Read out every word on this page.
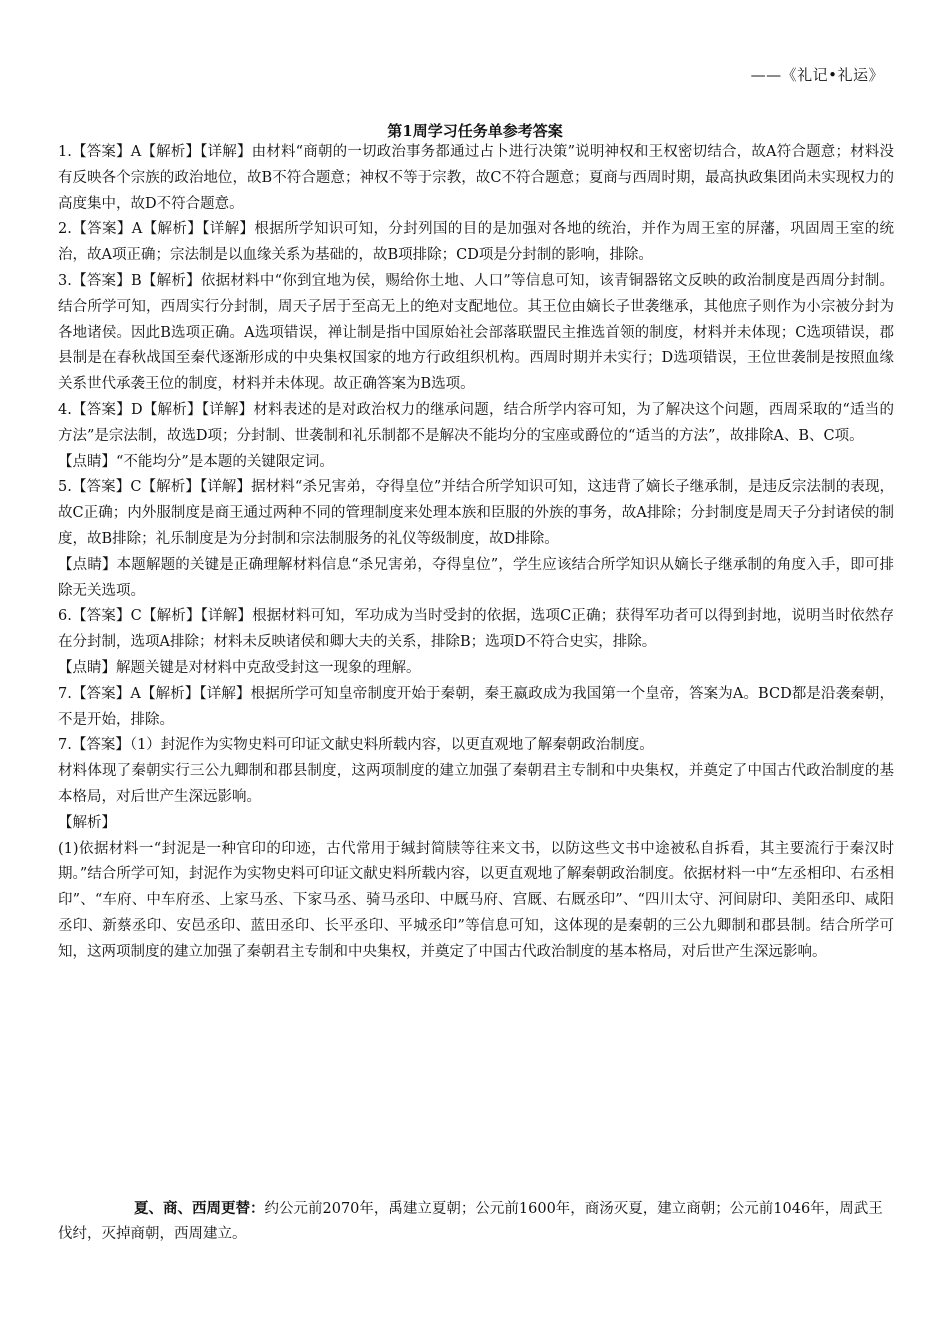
——《礼记•礼运》
第1周学习任务单参考答案

1.【答案】A【解析】【详解】由材料“商朝的一切政治事务都通过占卜进行决策”说明神权和王权密切结合，故A符合题意；材料没有反映各个宗族的政治地位，故B不符合题意；神权不等于宗教，故C不符合题意；夏商与西周时期，最高执政集团尚未实现权力的高度集中，故D不符合题意。

2.【答案】A【解析】【详解】根据所学知识可知，分封列国的目的是加强对各地的统治，并作为周王室的屏藩，巩固周王室的统治，故A项正确；宗法制是以血缘关系为基础的，故B项排除；CD项是分封制的影响，排除。

3.【答案】B【解析】依据材料中“你到宜地为侯，赐给你土地、人口”等信息可知，该青铜器铭文反映的政治制度是西周分封制。结合所学可知，西周实行分封制，周天子居于至高无上的绝对支配地位。其王位由嫡长子世袭继承，其他庶子则作为小宗被分封为各地诸侯。因此B选项正确。A选项错误，禅让制是指中国原始社会部落联盟民主推选首领的制度，材料并未体现；C选项错误，郡县制是在春秋战国至秦代逐渐形成的中央集权国家的地方行政组织机构。西周时期并未实行；D选项错误，王位世袭制是按照血缘关系世代承袭王位的制度，材料并未体现。故正确答案为B选项。

4.【答案】D【解析】【详解】材料表述的是对政治权力的继承问题，结合所学内容可知，为了解决这个问题，西周采取的“适当的方法”是宗法制，故选D项；分封制、世袭制和礼乐制都不是解决不能均分的宝座或爵位的“适当的方法”，故排除A、B、C项。

【点睛】“不能均分”是本题的关键限定词。

5.【答案】C【解析】【详解】据材料“杀兄害弟，夺得皇位”并结合所学知识可知，这违背了嫡长子继承制，是违反宗法制的表现，故C正确；内外服制度是商王通过两种不同的管理制度来处理本族和臣服的外族的事务，故A排除；分封制度是周天子分封诸侯的制度，故B排除；礼乐制度是为分封制和宗法制服务的礼仪等级制度，故D排除。

【点睛】本题解题的关键是正确理解材料信息“杀兄害弟，夺得皇位”，学生应该结合所学知识从嫡长子继承制的角度入手，即可排除无关选项。

6.【答案】C【解析】【详解】根据材料可知，军功成为当时受封的依据，选项C正确；获得军功者可以得到封地，说明当时依然存在分封制，选项A排除；材料未反映诸侯和卿大夫的关系，排除B；选项D不符合史实，排除。

【点睛】解题关键是对材料中克敌受封这一现象的理解。

7.【答案】A【解析】【详解】根据所学可知皇帝制度开始于秦朝，秦王嬴政成为我国第一个皇帝，答案为A。BCD都是沿袭秦朝，不是开始，排除。

7.【答案】（1）封泥作为实物史料可印证文献史料所载内容，以更直观地了解秦朝政治制度。

材料体现了秦朝实行三公九卿制和郡县制度，这两项制度的建立加强了秦朝君主专制和中央集权，并奠定了中国古代政治制度的基本格局，对后世产生深远影响。

【解析】

(1)依据材料一“封泥是一种官印的印迹，古代常用于缄封简牍等往来文书，以防这些文书中途被私自拆看，其主要流行于秦汉时期。”结合所学可知，封泥作为实物史料可印证文献史料所载内容，以更直观地了解秦朝政治制度。依据材料一中“左丞相印、右丞相印”、“车府、中车府丞、上家马丞、下家马丞、骑马丞印、中厩马府、宫厩、右厩丞印”、“四川太守、河间尉印、美阳丞印、咸阳丞印、新蔡丞印、安邑丞印、蓝田丞印、长平丞印、平城丞印”等信息可知，这体现的是秦朝的三公九卿制和郡县制。结合所学可知，这两项制度的建立加强了秦朝君主专制和中央集权，并奠定了中国古代政治制度的基本格局，对后世产生深远影响。

夏、商、西周更替：约公元前2070年，禹建立夏朝；公元前1600年，商汤灭夏，建立商朝；公元前1046年，周武王伐纣，灭掉商朝，西周建立。
